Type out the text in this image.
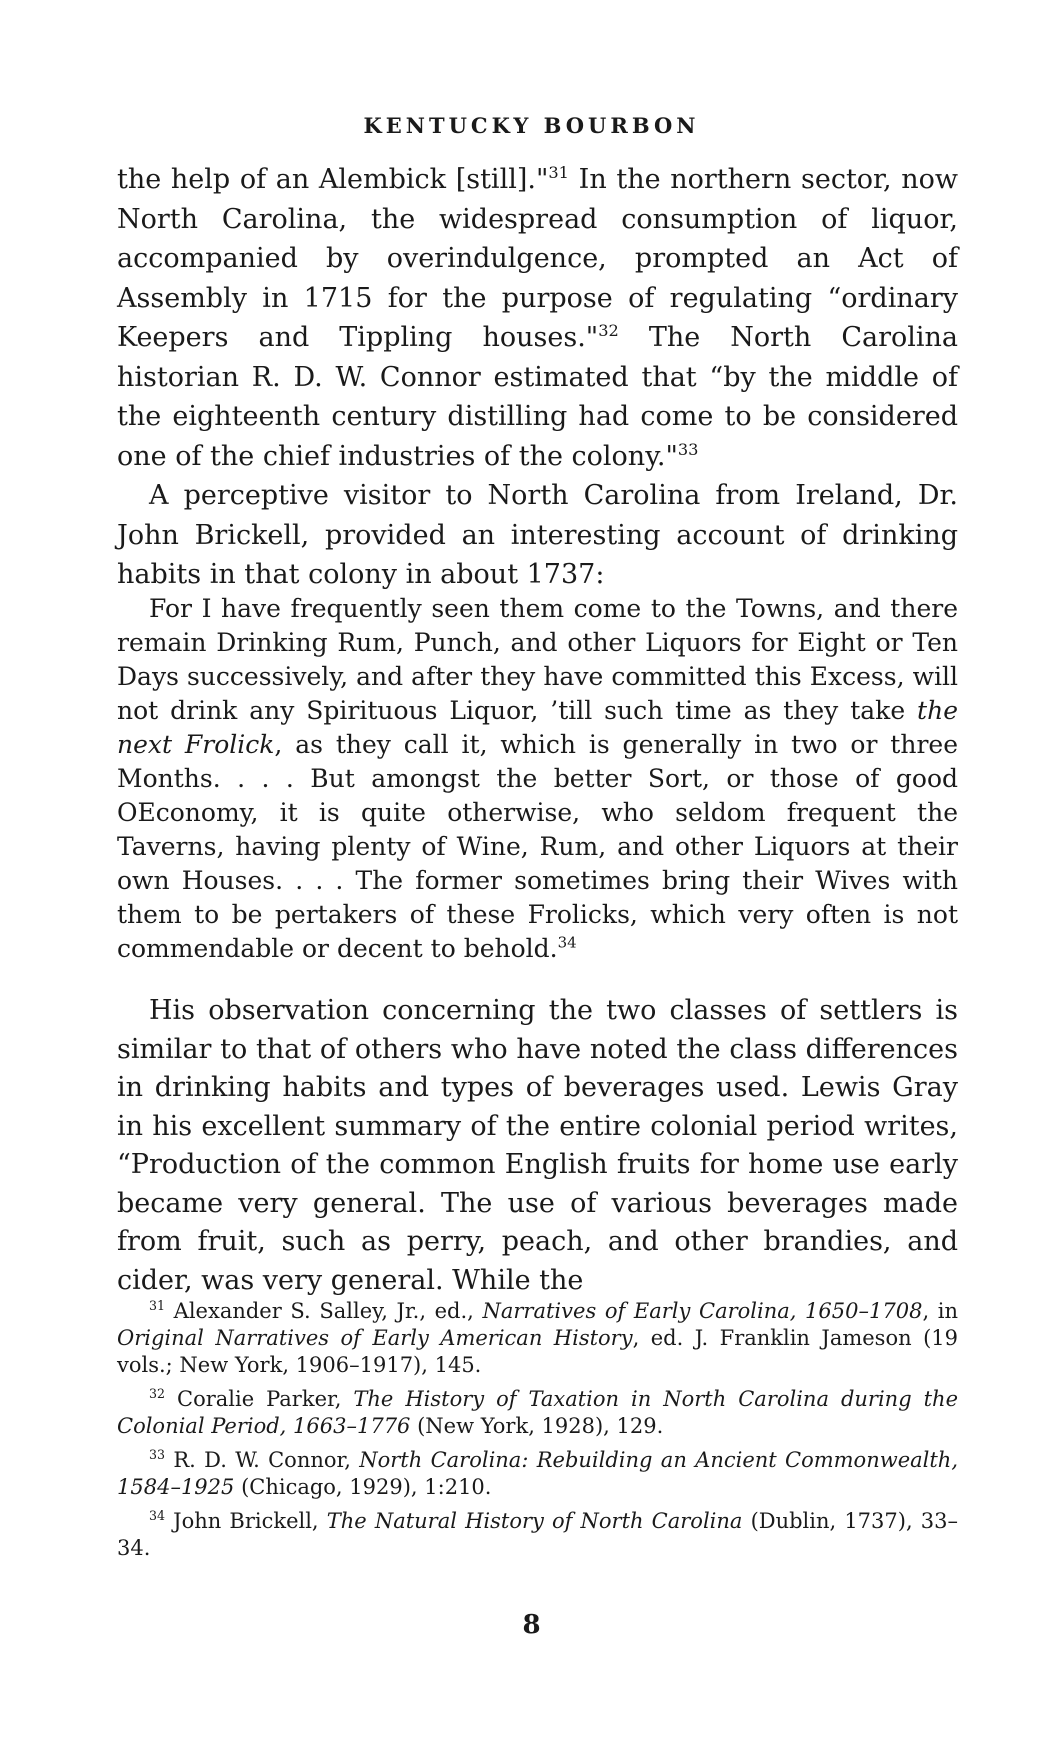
KENTUCKY BOURBON

the help of an Alembick [still]."$^{31}$ In the northern sector, now North Carolina, the widespread consumption of liquor, accompanied by overindulgence, prompted an Act of Assembly in 1715 for the purpose of regulating “ordinary Keepers and Tippling houses."$^{32}$ The North Carolina historian R. D. W. Connor estimated that “by the middle of the eighteenth century distilling had come to be considered one of the chief industries of the colony."$^{33}$

A perceptive visitor to North Carolina from Ireland, Dr. John Brickell, provided an interesting account of drinking habits in that colony in about 1737:

For I have frequently seen them come to the Towns, and there remain Drinking Rum, Punch, and other Liquors for Eight or Ten Days successively, and after they have committed this Excess, will not drink any Spirituous Liquor, ’till such time as they take the next Frolick, as they call it, which is generally in two or three Months. . . . But amongst the better Sort, or those of good OEconomy, it is quite otherwise, who seldom frequent the Taverns, having plenty of Wine, Rum, and other Liquors at their own Houses. . . . The former sometimes bring their Wives with them to be pertakers of these Frolicks, which very often is not commendable or decent to behold.$^{34}$

His observation concerning the two classes of settlers is similar to that of others who have noted the class differences in drinking habits and types of beverages used. Lewis Gray in his excellent summary of the entire colonial period writes, “Production of the common English fruits for home use early became very general. The use of various beverages made from fruit, such as perry, peach, and other brandies, and cider, was very general. While the

$^{31}$ Alexander S. Salley, Jr., ed., Narratives of Early Carolina, 1650–1708, in Original Narratives of Early American History, ed. J. Franklin Jameson (19 vols.; New York, 1906–1917), 145.

$^{32}$ Coralie Parker, The History of Taxation in North Carolina during the Colonial Period, 1663–1776 (New York, 1928), 129.

$^{33}$ R. D. W. Connor, North Carolina: Rebuilding an Ancient Commonwealth, 1584–1925 (Chicago, 1929), 1:210.

$^{34}$ John Brickell, The Natural History of North Carolina (Dublin, 1737), 33–34.

8
